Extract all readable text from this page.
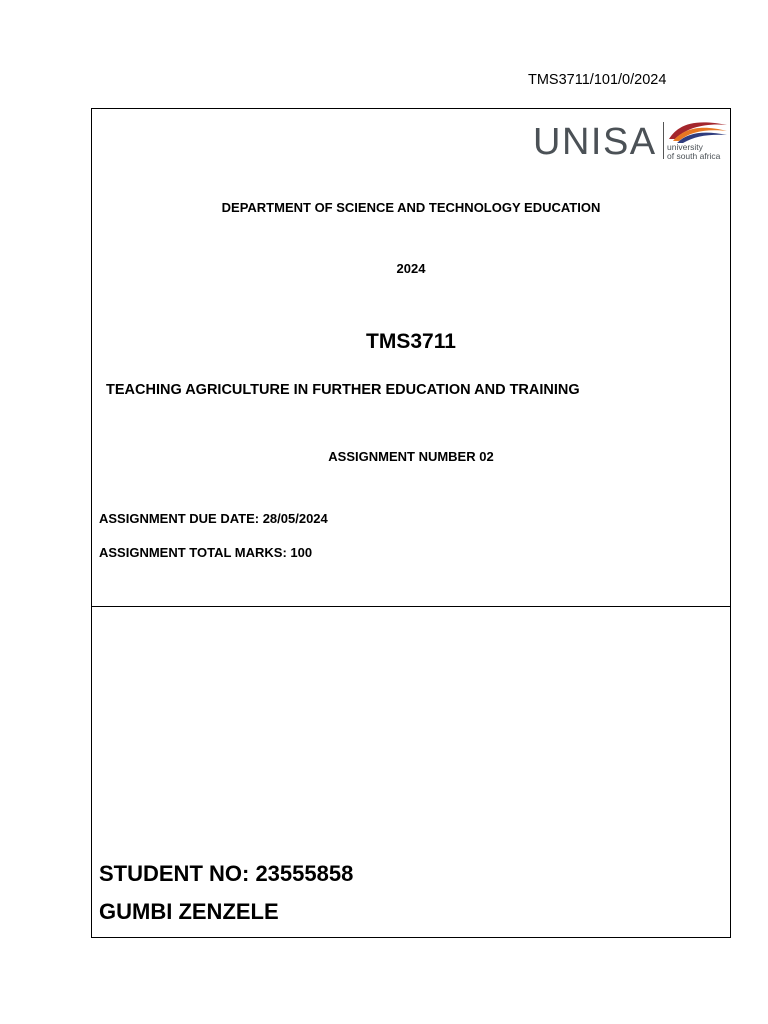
TMS3711/101/0/2024
UNISA university
of south africa
DEPARTMENT OF SCIENCE AND TECHNOLOGY EDUCATION
2024
TMS3711
TEACHING AGRICULTURE IN FURTHER EDUCATION AND TRAINING
ASSIGNMENT NUMBER 02
ASSIGNMENT DUE DATE: 28/05/2024
ASSIGNMENT TOTAL MARKS: 100
STUDENT NO: 23555858
GUMBI ZENZELE
